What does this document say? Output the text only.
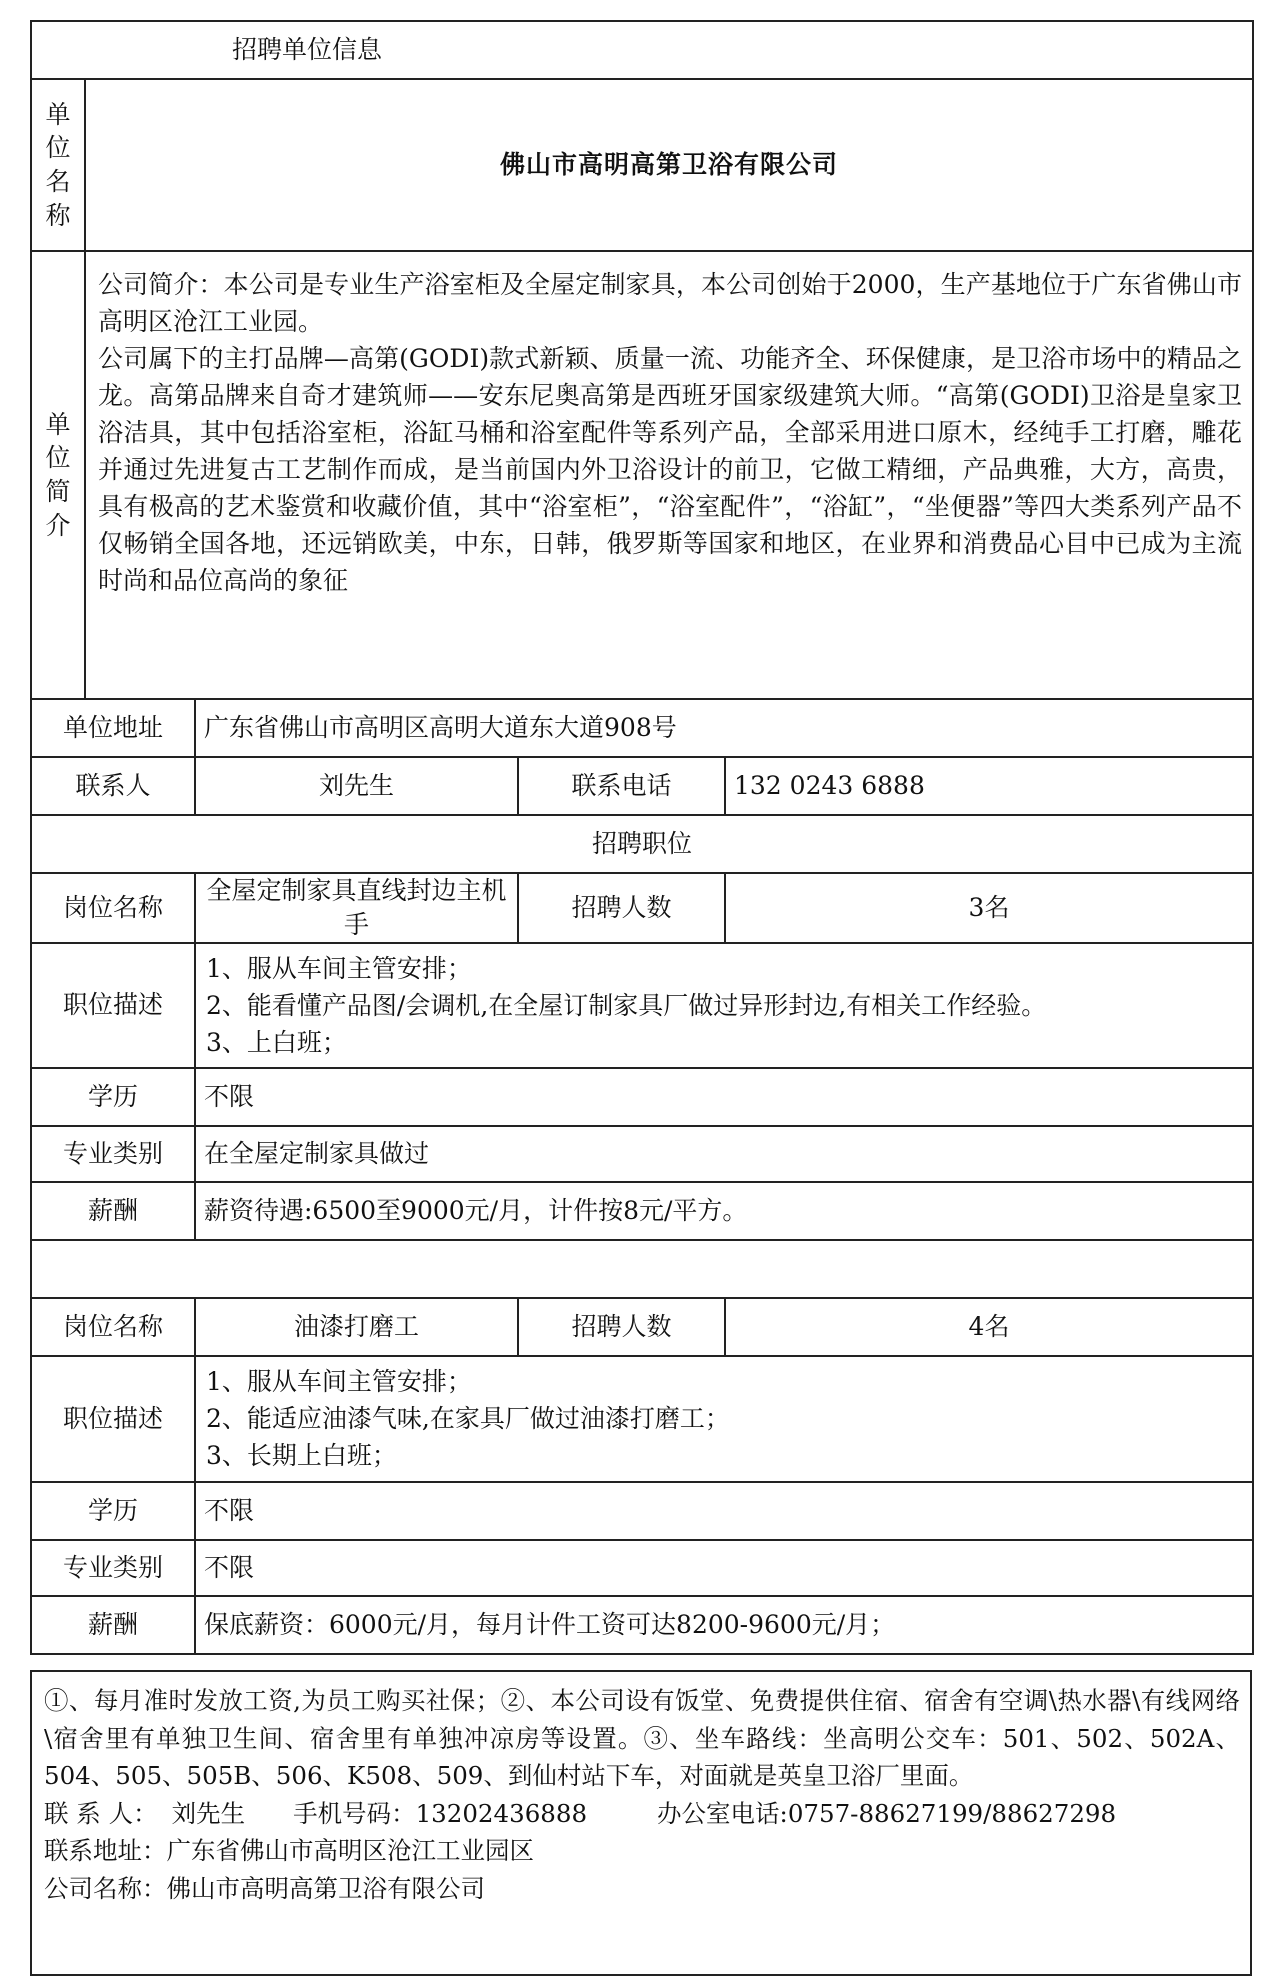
招聘单位信息				

单位名称	佛山市高明高第卫浴有限公司			

单位简介	公司简介：本公司是专业生产浴室柜及全屋定制家具，本公司创始于2000，生产基地位于广东省佛山市高明区沧江工业园。

公司属下的主打品牌—高第(GODI)款式新颖、质量一流、功能齐全、环保健康，是卫浴市场中的精品之龙。高第品牌来自奇才建筑师——安东尼奥高第是西班牙国家级建筑大师。“高第(GODI)卫浴是皇家卫浴洁具，其中包括浴室柜，浴缸马桶和浴室配件等系列产品，全部采用进口原木，经纯手工打磨，雕花并通过先进复古工艺制作而成，是当前国内外卫浴设计的前卫，它做工精细，产品典雅，大方，高贵，具有极高的艺术鉴赏和收藏价值，其中“浴室柜”，“浴室配件”，“浴缸”，“坐便器”等四大类系列产品不仅畅销全国各地，还远销欧美，中东，日韩，俄罗斯等国家和地区，在业界和消费品心目中已成为主流时尚和品位高尚的象征			

单位地址		广东省佛山市高明区高明大道东大道908号		
联系人		刘先生	联系电话	132 0243 6888
招聘职位				
岗位名称		全屋定制家具直线封边主机手	招聘人数	3名
职位描述		1、服从车间主管安排；
2、能看懂产品图/会调机,在全屋订制家具厂做过异形封边,有相关工作经验。
3、上白班；		

学历		不限		
专业类别		在全屋定制家具做过		
薪酬		薪资待遇:6500至9000元/月，计件按8元/平方。		

岗位名称		油漆打磨工	招聘人数	4名
职位描述		1、服从车间主管安排；
2、能适应油漆气味,在家具厂做过油漆打磨工；
3、长期上白班；		

学历		不限		
专业类别		不限		
薪酬		保底薪资：6000元/月，每月计件工资可达8200-9600元/月；		

①、每月准时发放工资,为员工购买社保；②、本公司设有饭堂、免费提供住宿、宿舍有空调\热水器\有线网络\宿舍里有单独卫生间、宿舍里有单独冲凉房等设置。③、坐车路线：坐高明公交车：501、502、502A、504、505、505B、506、K508、509、到仙村站下车，对面就是英皇卫浴厂里面。

联 系 人： 刘先生 手机号码： 13202436888	办公室电话: 0757-88627199/88627298
联系地址： 广东省佛山市高明区沧江工业园区
公司名称： 佛山市高明高第卫浴有限公司
